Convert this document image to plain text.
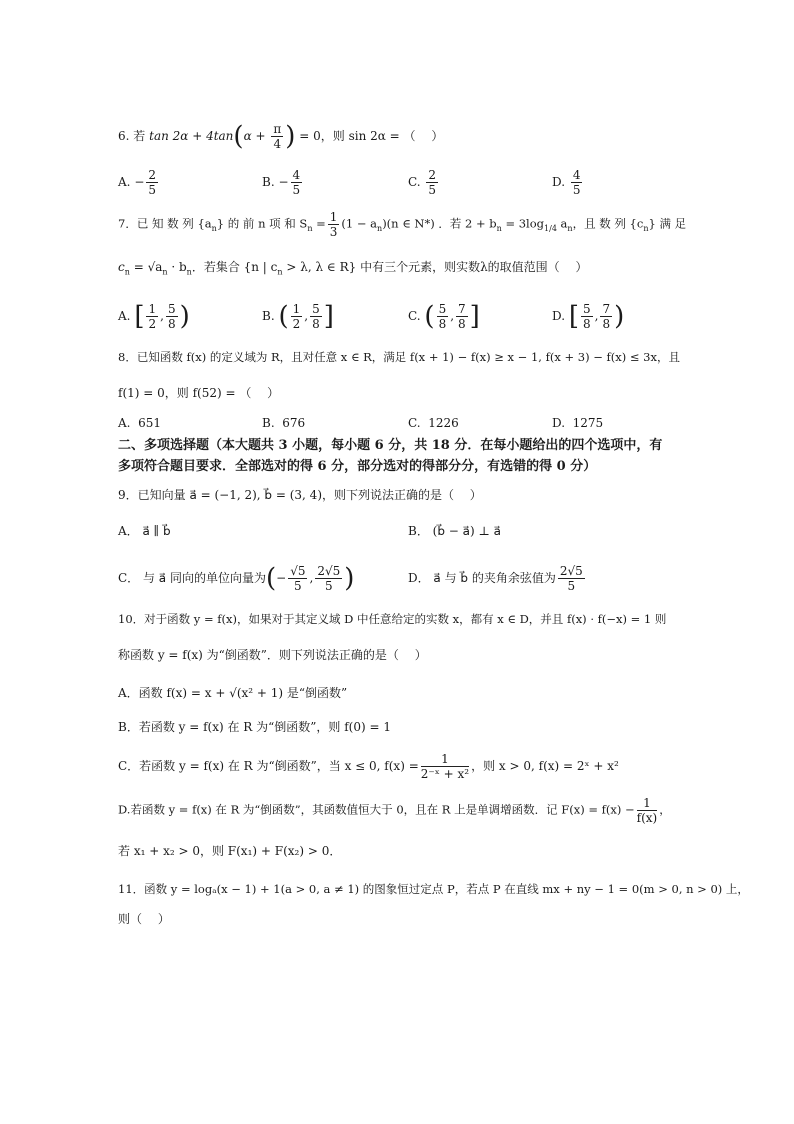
6. 若 $\tan 2\alpha + 4\tan(\alpha + \frac{\pi}{4}$ ) = 0，则 sin 2α = （　 ）
A. − $\frac{2}{5}$	B. − $\frac{4}{5}$	C. $\frac{2}{5}$	D. $\frac{4}{5}$
7．已 知 数 列 $\{a_n\}$ 的 前 n 项 和 $S_n = \frac{1}{3} (1 - a_n)(n$ ∈ N*) ．若 $2 + b_n = 3\log_{1/4}$ $a_n$，且 数 列 $\{c_n\}$ 满 足
$c_n = √a_n \cdot b_n$．若集合 {n | $c_n > \lambda$, λ ∈ R} 中有三个元素，则实数λ的取值范围（　 ）
A. [ $\frac{1}{2}$ , $\frac{5}{8}$ )	B. ( $\frac{1}{2}$ , $\frac{5}{8}$ ]	C. ( $\frac{5}{8}$ , $\frac{7}{8}$ ]	D. [ $\frac{5}{8}$ , $\frac{7}{8}$ )
8．已知函数 f(x) 的定义域为 R，且对任意 x ∈ R，满足 f(x + 1) − f(x) ≥ x − 1, f(x + 3) − f(x) ≤ 3x，且
f(1) = 0，则 f(52) = （　 ）
A. 651	B. 676	C. 1226	D. 1275
二、多项选择题（本大题共 3 小题，每小题 6 分，共 18 分．在每小题给出的四个选项中，有
多项符合题目要求．全部选对的得 6 分，部分选对的得部分分，有选错的得 0 分）
9．已知向量 a⃗ = (−1, 2), b⃗ = (3, 4)，则下列说法正确的是（　 ）
A． a⃗ ∥ b⃗	B． (b⃗ − a⃗) ⊥ a⃗
C． 与 a⃗ 同向的单位向量为(− $\frac{√5}{5}$ , $\frac{2√5}{5}$ )	D． a⃗ 与 b⃗ 的夹角余弦值为 $\frac{2√5}{5}$
10．对于函数 y = f(x)，如果对于其定义域 D 中任意给定的实数 x，都有 x ∈ D，并且 f(x) · f(−x) = 1 则
称函数 y = f(x) 为“倒函数”．则下列说法正确的是（　 ）
A．函数 f(x) = x + √(x² + 1) 是“倒函数”
B．若函数 y = f(x) 在 R 为“倒函数”，则 f(0) = 1
C．若函数 y = f(x) 在 R 为“倒函数”，当 x ≤ 0, $f(x) = \frac{1}{\text{2⁻ˣ + x²}}$ ，则 x > 0, f(x) = 2ˣ + x²
D.若函数 y = f(x) 在 R 为“倒函数”，其函数值恒大于 0，且在 R 上是单调增函数．记 $F(x) = f(x) - \frac{1}{f(x)}$ ，
若 x₁ + x₂ > 0，则 F(x₁) + F(x₂) > 0．
11．函数 y = logₐ(x − 1) + 1(a > 0, a ≠ 1) 的图象恒过定点 P，若点 P 在直线 mx + ny − 1 = 0(m > 0, n > 0) 上，
则（　 ）
